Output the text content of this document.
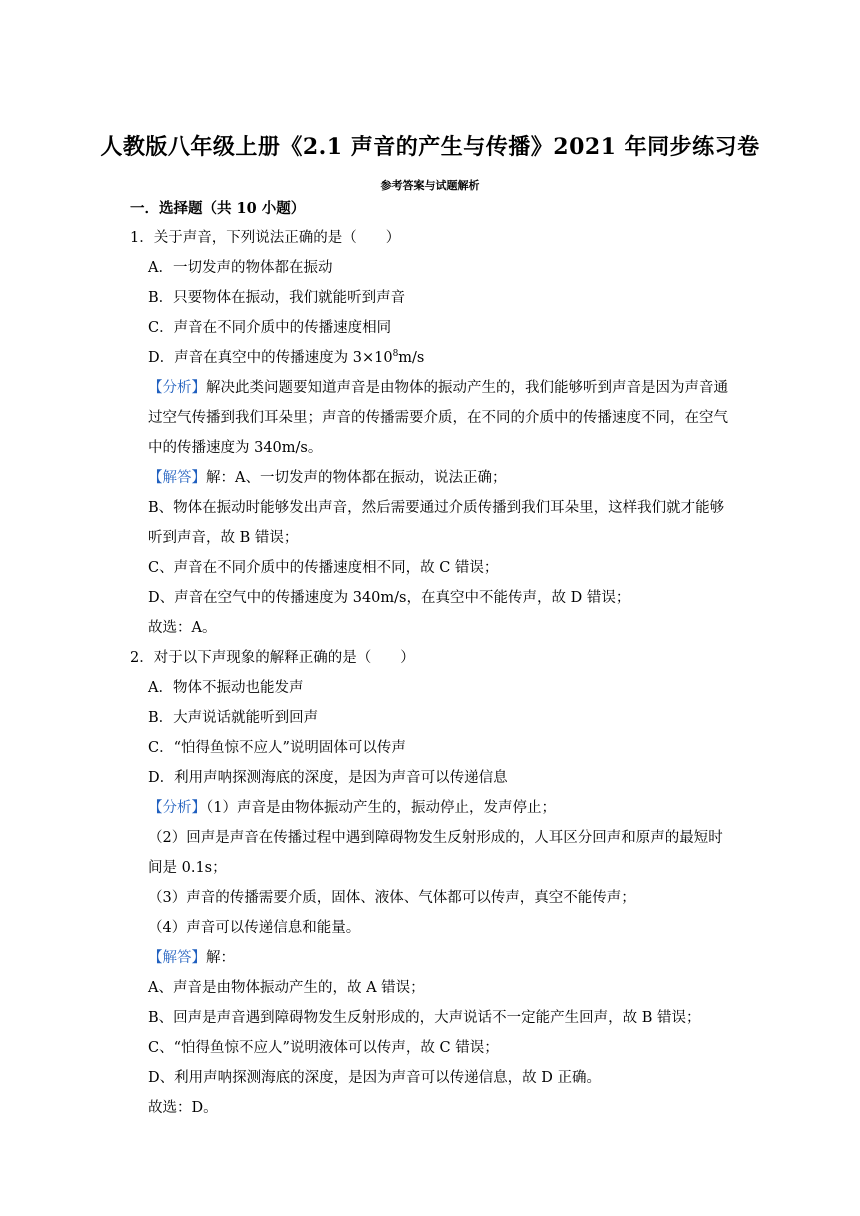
人教版八年级上册《2.1 声音的产生与传播》2021 年同步练习卷
参考答案与试题解析
一．选择题（共 10 小题）
1．关于声音，下列说法正确的是（　　）
A．一切发声的物体都在振动
B．只要物体在振动，我们就能听到声音
C．声音在不同介质中的传播速度相同
D．声音在真空中的传播速度为 $3\times 10^8m/s$
【分析】解决此类问题要知道声音是由物体的振动产生的，我们能够听到声音是因为声音通过空气传播到我们耳朵里；声音的传播需要介质，在不同的介质中的传播速度不同，在空气中的传播速度为 340m/s。
【解答】解：A、一切发声的物体都在振动，说法正确；
B、物体在振动时能够发出声音，然后需要通过介质传播到我们耳朵里，这样我们就才能够听到声音，故 B 错误；
C、声音在不同介质中的传播速度相不同，故 C 错误；
D、声音在空气中的传播速度为 340m/s，在真空中不能传声，故 D 错误；
故选：A。
2．对于以下声现象的解释正确的是（　　）
A．物体不振动也能发声
B．大声说话就能听到回声
C．“怕得鱼惊不应人”说明固体可以传声
D．利用声呐探测海底的深度，是因为声音可以传递信息
【分析】（1）声音是由物体振动产生的，振动停止，发声停止；
（2）回声是声音在传播过程中遇到障碍物发生反射形成的，人耳区分回声和原声的最短时间是 0.1s；
（3）声音的传播需要介质，固体、液体、气体都可以传声，真空不能传声；
（4）声音可以传递信息和能量。
【解答】解：
A、声音是由物体振动产生的，故 A 错误；
B、回声是声音遇到障碍物发生反射形成的，大声说话不一定能产生回声，故 B 错误；
C、“怕得鱼惊不应人”说明液体可以传声，故 C 错误；
D、利用声呐探测海底的深度，是因为声音可以传递信息，故 D 正确。
故选：D。
